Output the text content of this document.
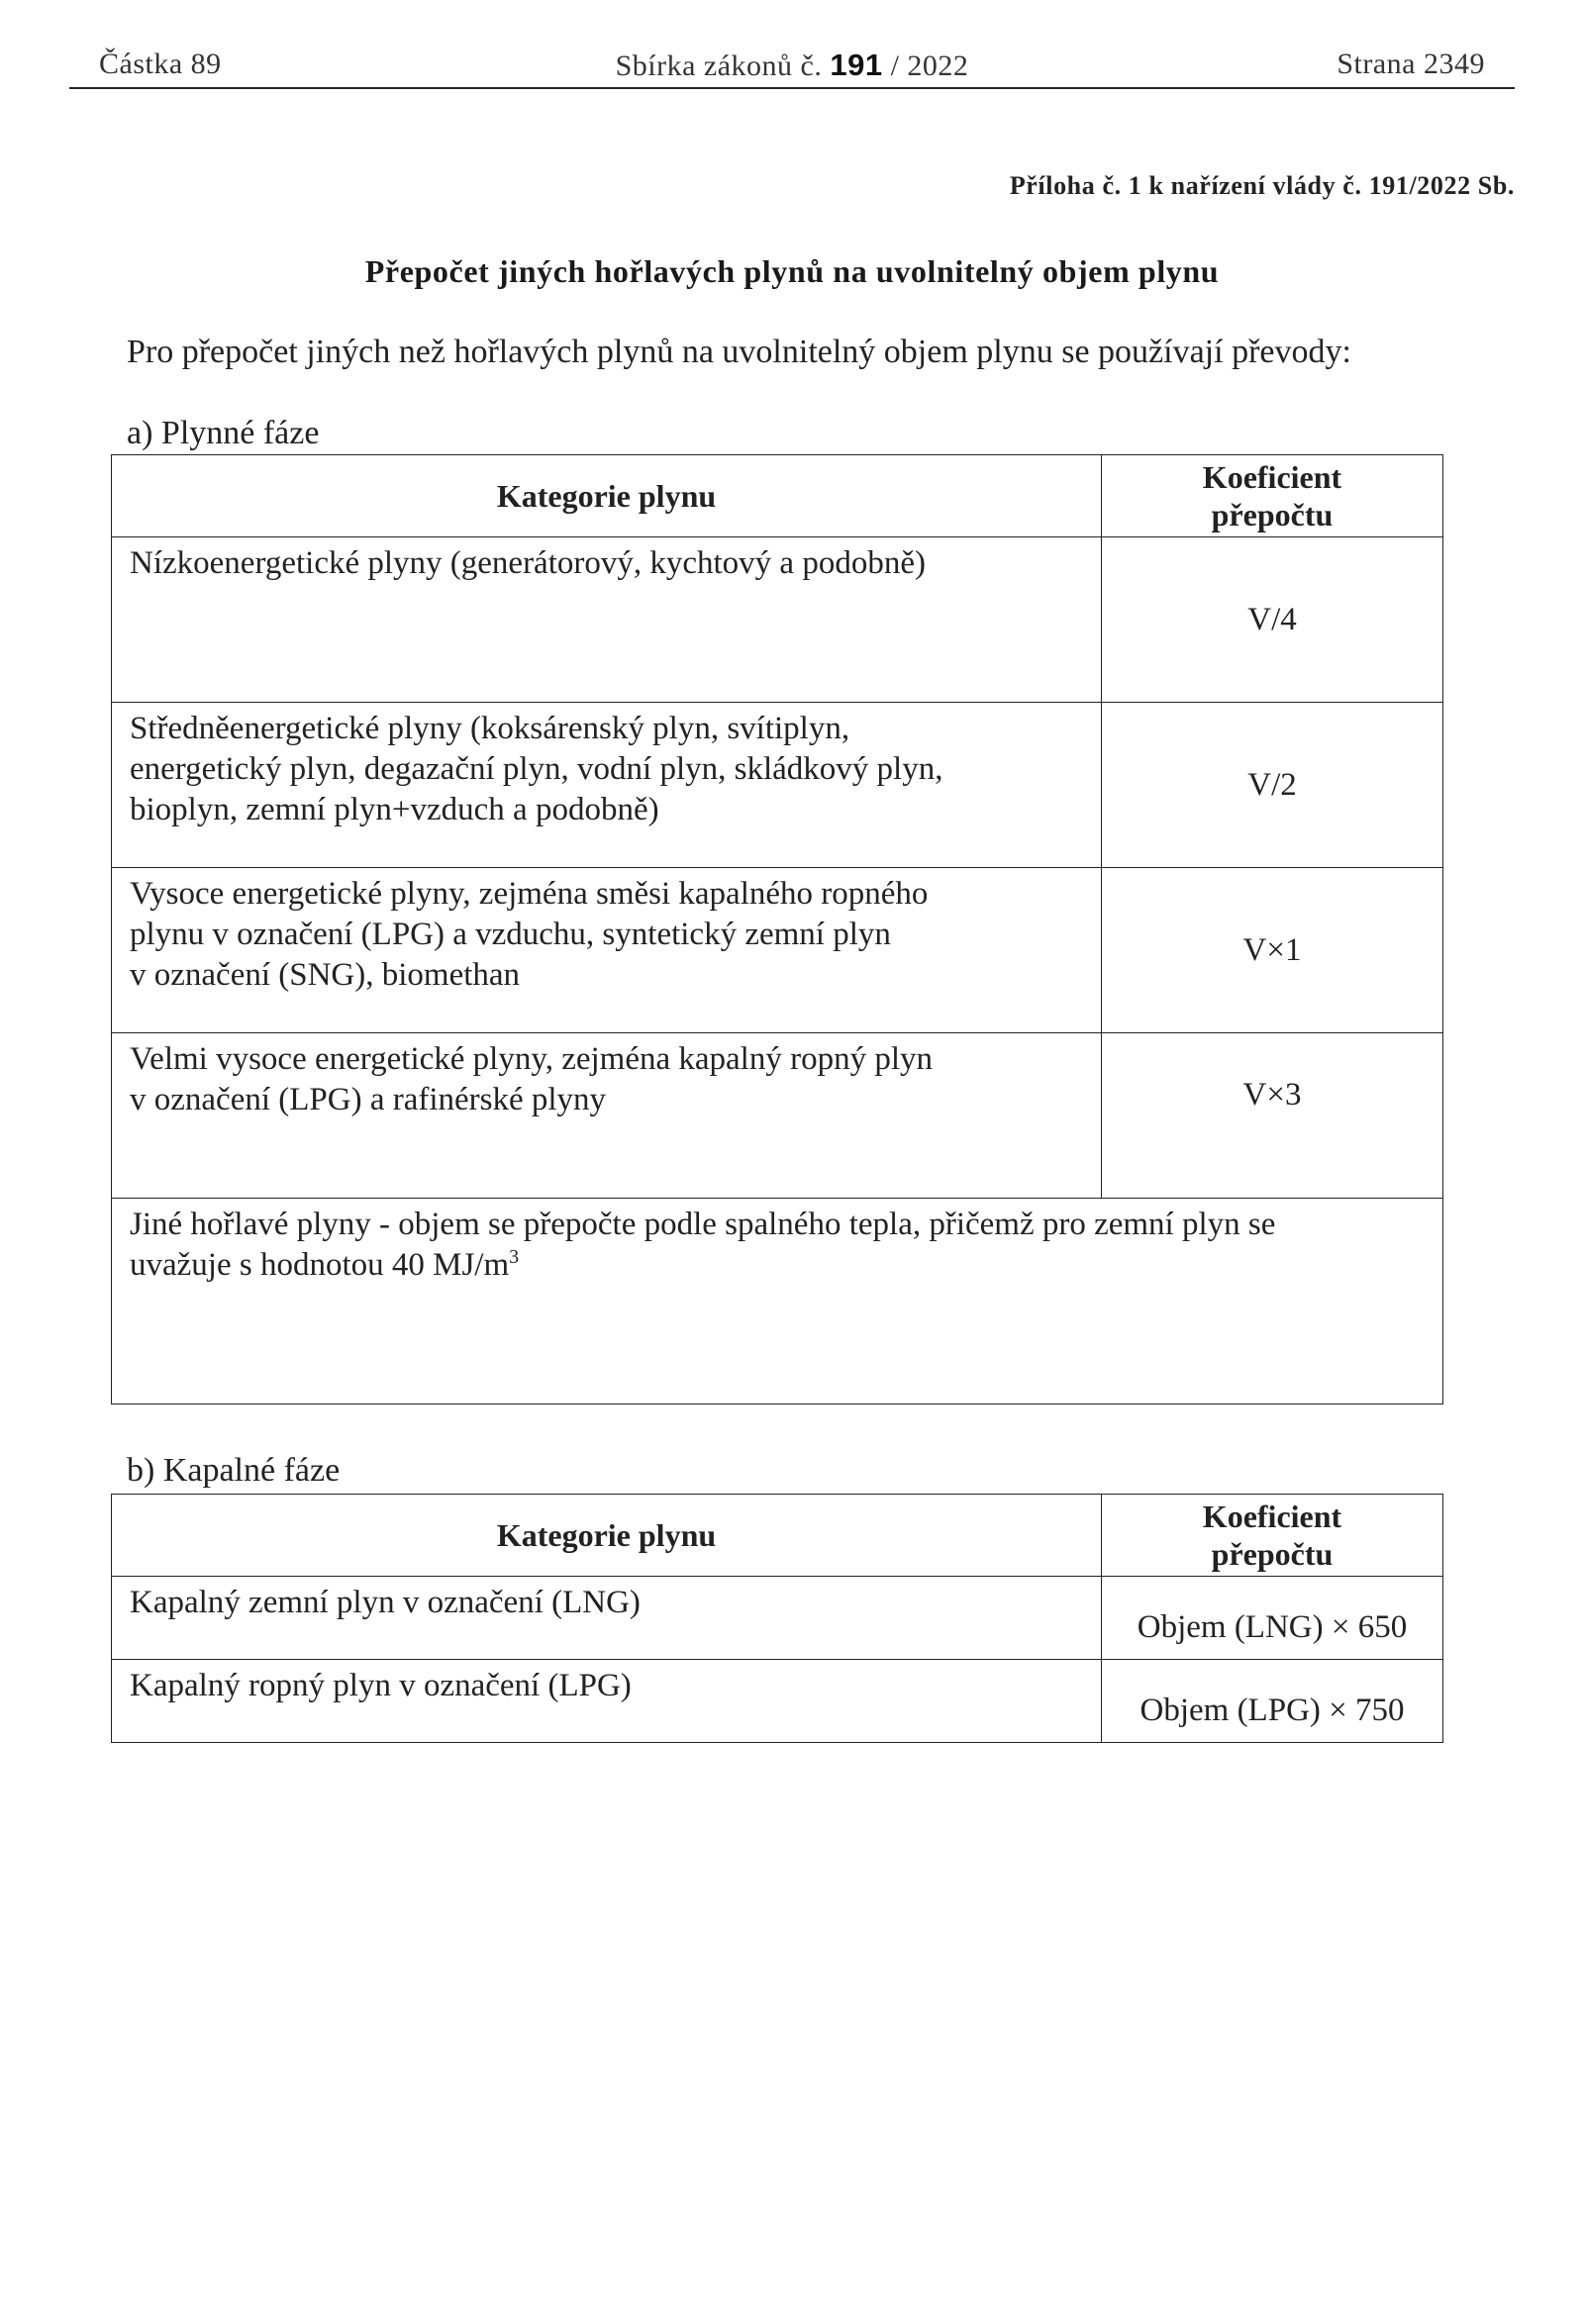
Částka 89	Sbírka zákonů č. 191 / 2022	Strana 2349
Příloha č. 1 k nařízení vlády č. 191/2022 Sb.
Přepočet jiných hořlavých plynů na uvolnitelný objem plynu
Pro přepočet jiných než hořlavých plynů na uvolnitelný objem plynu se používají převody:
a) Plynné fáze
Kategorie plynu	Koeficient
přepočtu
Nízkoenergetické plyny (generátorový, kychtový a podobně)	V/4
Středněenergetické plyny (koksárenský plyn, svítiplyn,
energetický plyn, degazační plyn, vodní plyn, skládkový plyn,
bioplyn, zemní plyn+vzduch a podobně)	V/2
Vysoce energetické plyny, zejména směsi kapalného ropného
plynu v označení (LPG) a vzduchu, syntetický zemní plyn
v označení (SNG), biomethan	V×1
Velmi vysoce energetické plyny, zejména kapalný ropný plyn
v označení (LPG) a rafinérské plyny	V×3
Jiné hořlavé plyny - objem se přepočte podle spalného tepla, přičemž pro zemní plyn se
uvažuje s hodnotou 40 $MJ/m^3$
b) Kapalné fáze
Kategorie plynu	Koeficient
přepočtu
Kapalný zemní plyn v označení (LNG)	Objem (LNG) × 650
Kapalný ropný plyn v označení (LPG)	Objem (LPG) × 750
